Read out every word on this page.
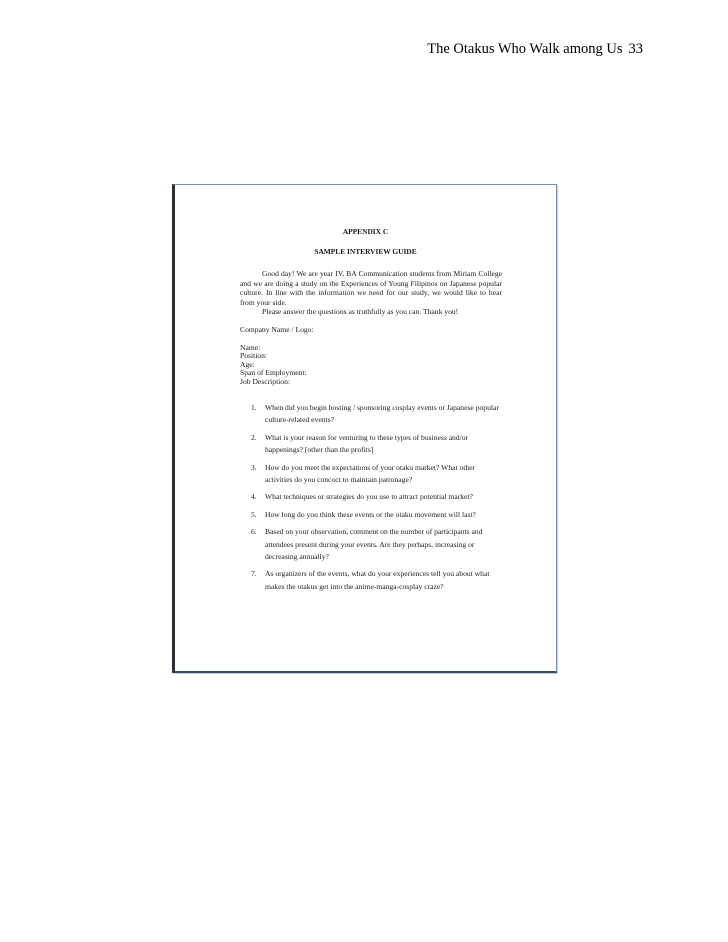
The Otakus Who Walk among Us 33
APPENDIX C
SAMPLE INTERVIEW GUIDE

Good day! We are year IV, BA Communication students from Miriam College and we are doing a study on the Experiences of Young Filipinos on Japanese popular culture. In line with the information we need for our study, we would like to hear from your side.

Please answer the questions as truthfully as you can. Thank you!

Company Name / Logo:
Name:
Position:
Age:
Span of Employment:
Job Description:
1. When did you begin hosting / sponsoring cosplay events or Japanese popular culture-related events?
2. What is your reason for venturing to these types of business and/or happenings? [other than the profits]
3. How do you meet the expectations of your otaku market? What other activities do you concoct to maintain patronage?
4. What techniques or strategies do you use to attract potential market?
5. How long do you think these events or the otaku movement will last?
6. Based on your observation, comment on the number of participants and attendees present during your events. Are they perhaps, increasing or decreasing annually?
7. As organizers of the events, what do your experiences tell you about what makes the otakus get into the anime-manga-cosplay craze?
